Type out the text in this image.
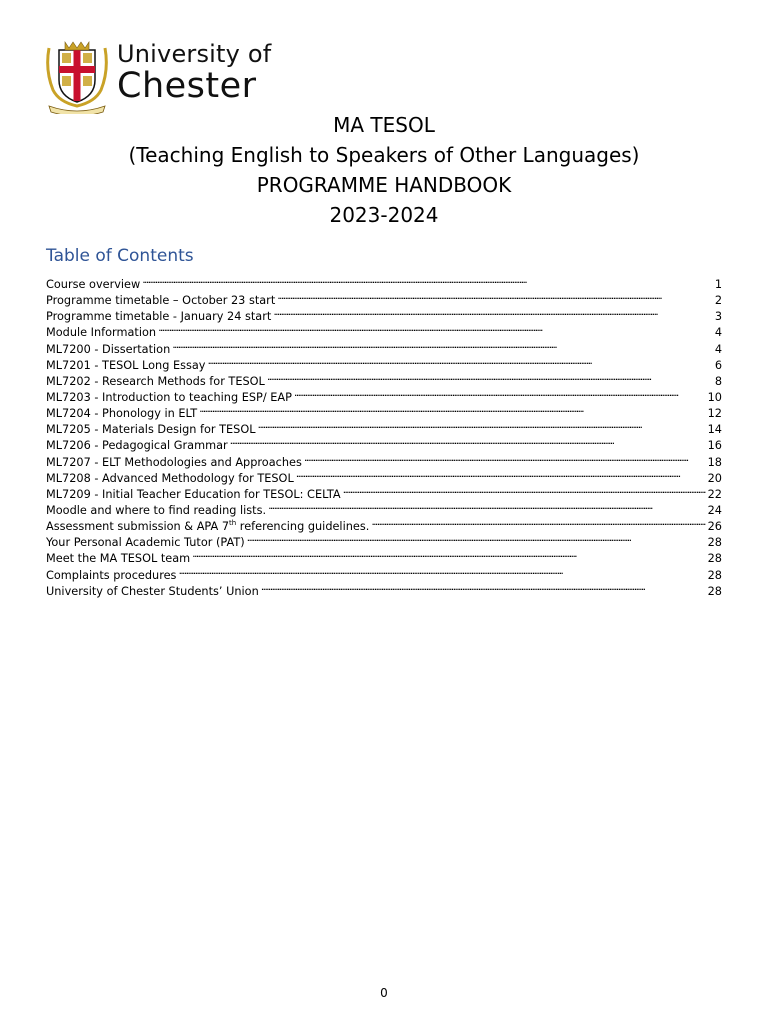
University of
Chester
MA TESOL
(Teaching English to Speakers of Other Languages)
PROGRAMME HANDBOOK
2023-2024
Table of Contents
Course overview . . .	1
Programme timetable – October 23 start . . .	2
Programme timetable - January 24 start . . .	3
Module Information . . .	4
ML7200 - Dissertation . . .	4
ML7201 - TESOL Long Essay . . .	6
ML7202 - Research Methods for TESOL . . .	8
ML7203 - Introduction to teaching ESP/ EAP . . .	10
ML7204 - Phonology in ELT . . .	12
ML7205 - Materials Design for TESOL . . .	14
ML7206 - Pedagogical Grammar . . .	16
ML7207 - ELT Methodologies and Approaches . . .	18
ML7208 - Advanced Methodology for TESOL . . .	20
ML7209 - Initial Teacher Education for TESOL: CELTA . . .	22
Moodle and where to find reading lists. . . .	24
Assessment submission & APA 7th referencing guidelines. . . .	26
Your Personal Academic Tutor (PAT) . . .	28
Meet the MA TESOL team . . .	28
Complaints procedures . . .	28
University of Chester Students’ Union . . .	28
0
